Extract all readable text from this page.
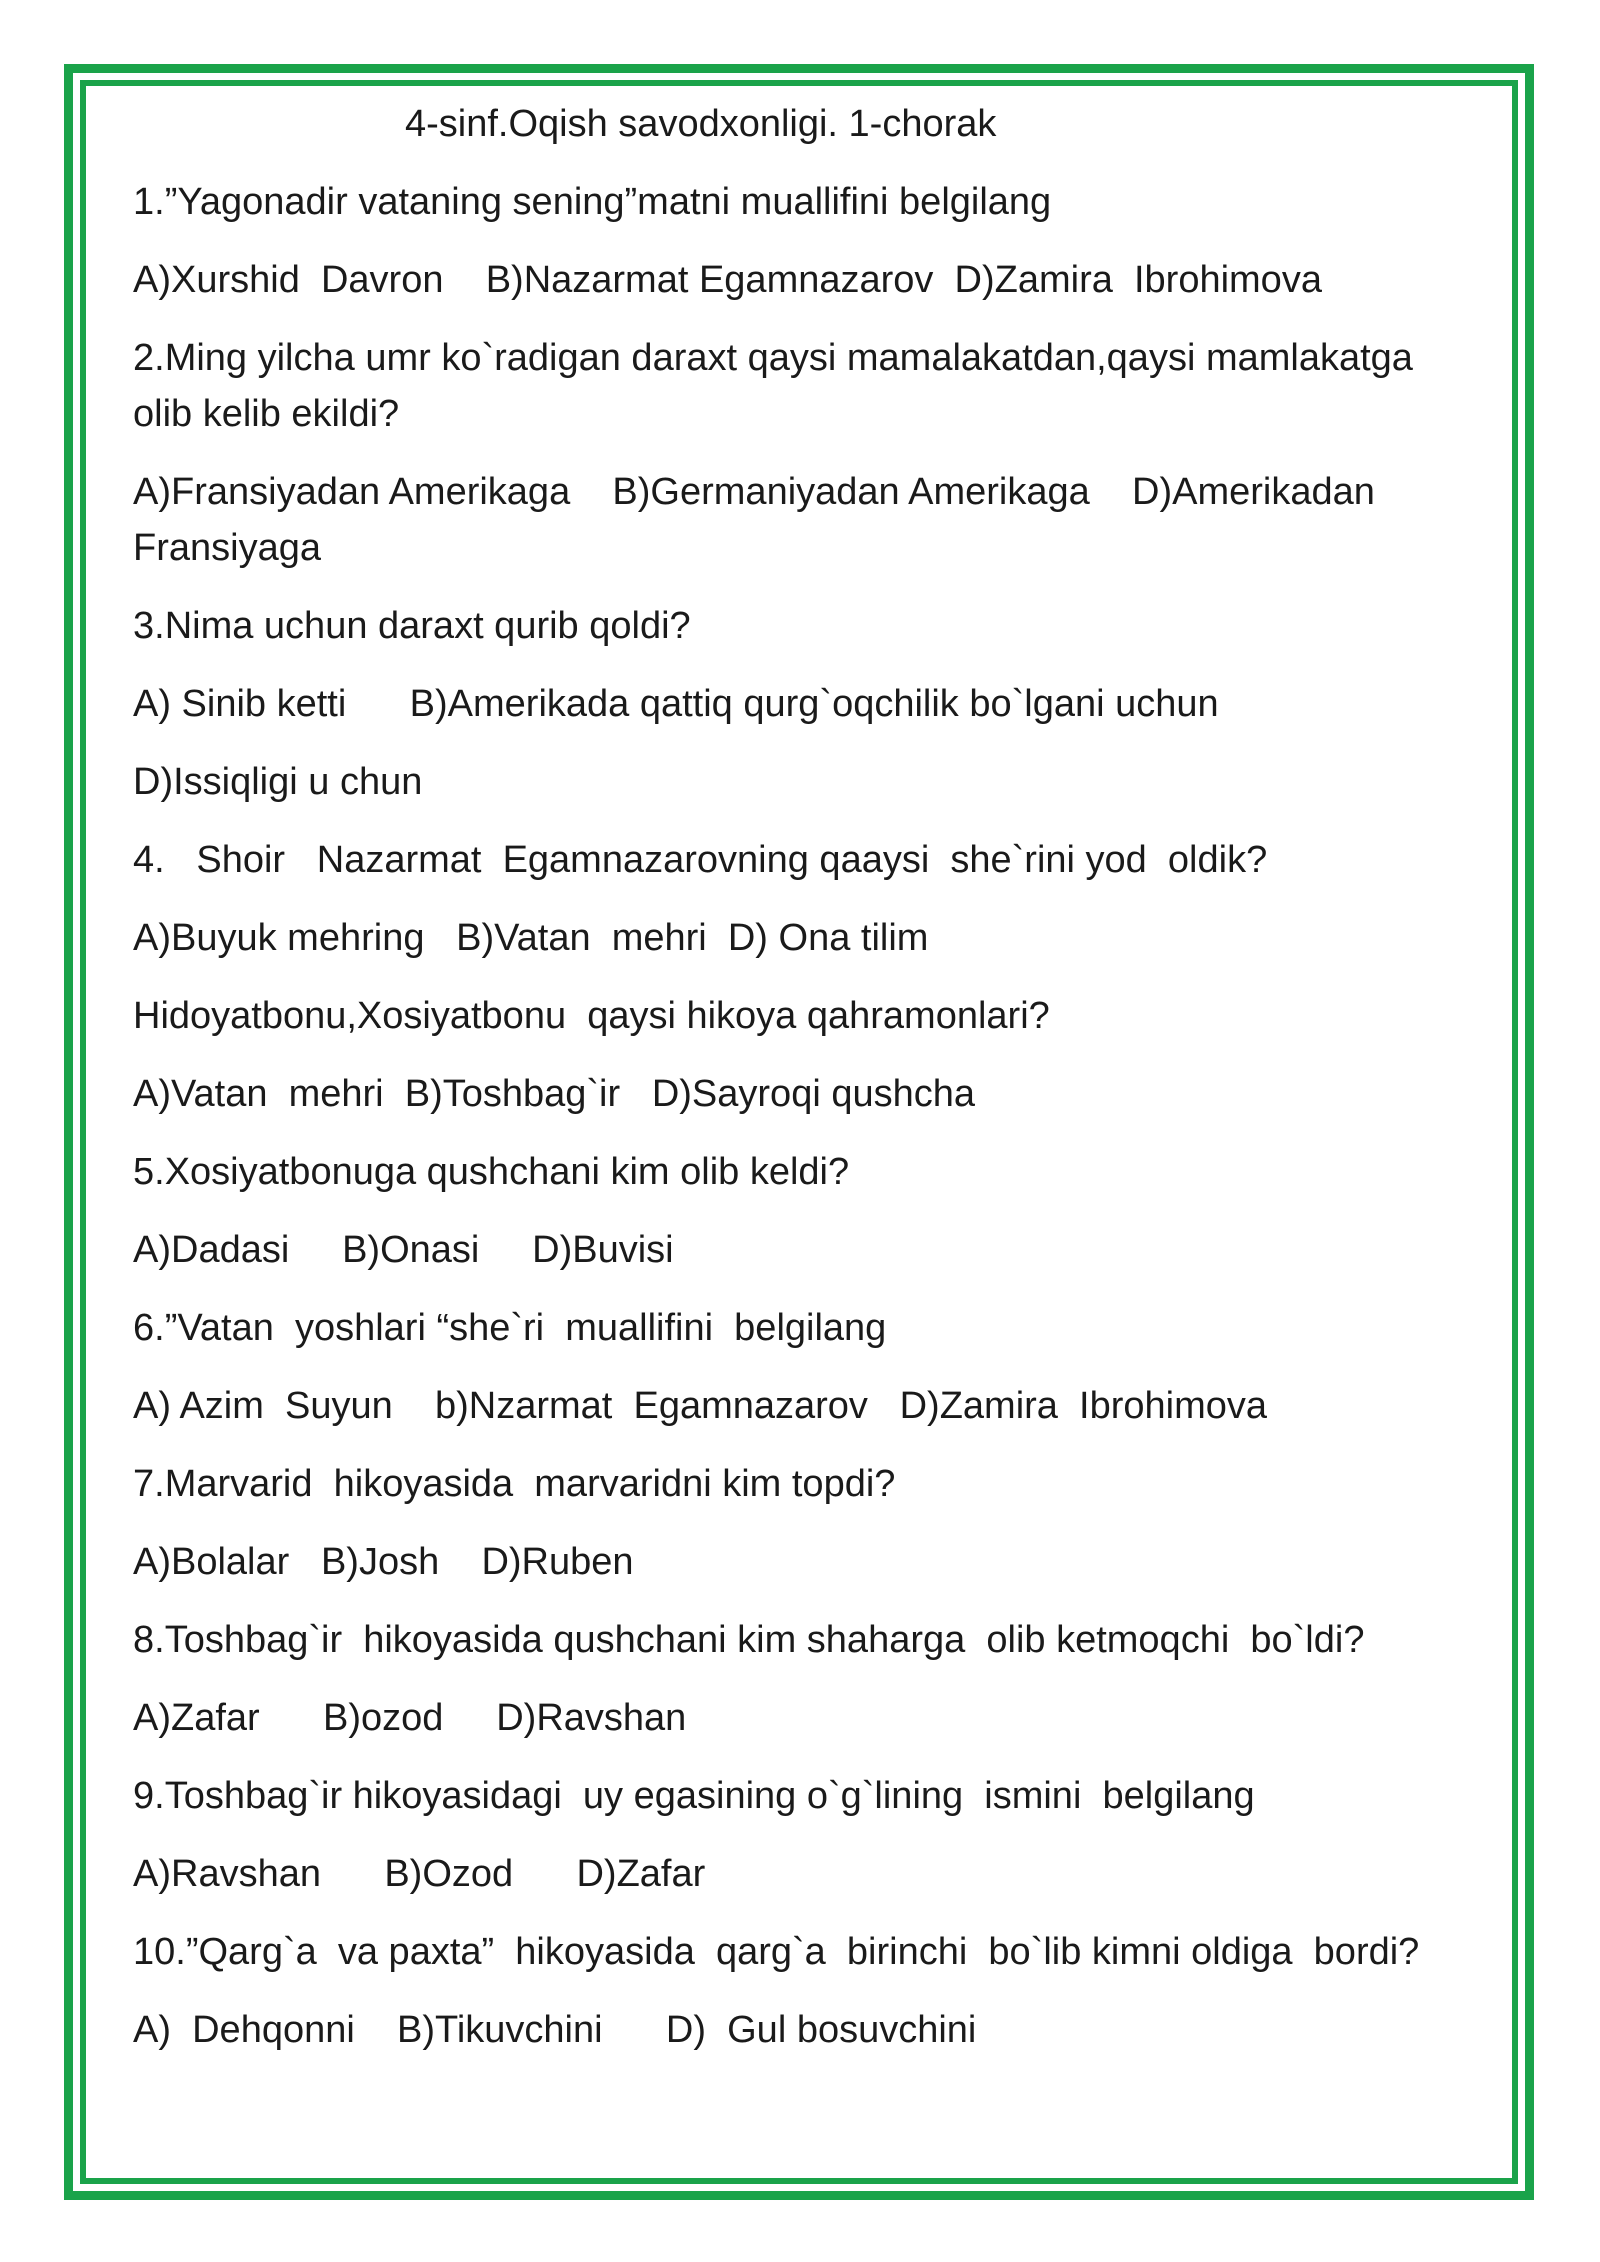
4-sinf.Oqish savodxonligi. 1-chorak
1.”Yagonadir vataning sening”matni muallifini belgilang
A)Xurshid  Davron    B)Nazarmat Egamnazarov  D)Zamira  Ibrohimova
2.Ming yilcha umr ko`radigan daraxt qaysi mamalakatdan,qaysi mamlakatga olib kelib ekildi?
A)Fransiyadan Amerikaga    B)Germaniyadan Amerikaga    D)Amerikadan Fransiyaga
3.Nima uchun daraxt qurib qoldi?
A) Sinib ketti      B)Amerikada qattiq qurg`oqchilik bo`lgani uchun
D)Issiqligi u chun
4.   Shoir   Nazarmat  Egamnazarovning qaaysi  she`rini yod  oldik?
A)Buyuk mehring   B)Vatan  mehri  D) Ona tilim
Hidoyatbonu,Xosiyatbonu  qaysi hikoya qahramonlari?
A)Vatan  mehri  B)Toshbag`ir   D)Sayroqi qushcha
5.Xosiyatbonuga qushchani kim olib keldi?
A)Dadasi     B)Onasi     D)Buvisi
6.”Vatan  yoshlari “she`ri  muallifini  belgilang
A) Azim  Suyun    b)Nzarmat  Egamnazarov   D)Zamira  Ibrohimova
7.Marvarid  hikoyasida  marvaridni kim topdi?
A)Bolalar   B)Josh    D)Ruben
8.Toshbag`ir  hikoyasida qushchani kim shaharga  olib ketmoqchi  bo`ldi?
A)Zafar      B)ozod     D)Ravshan
9.Toshbag`ir hikoyasidagi  uy egasining o`g`lining  ismini  belgilang
A)Ravshan      B)Ozod      D)Zafar
10.”Qarg`a  va paxta”  hikoyasida  qarg`a  birinchi  bo`lib kimni oldiga  bordi?
A)  Dehqonni    B)Tikuvchini      D)  Gul bosuvchini
